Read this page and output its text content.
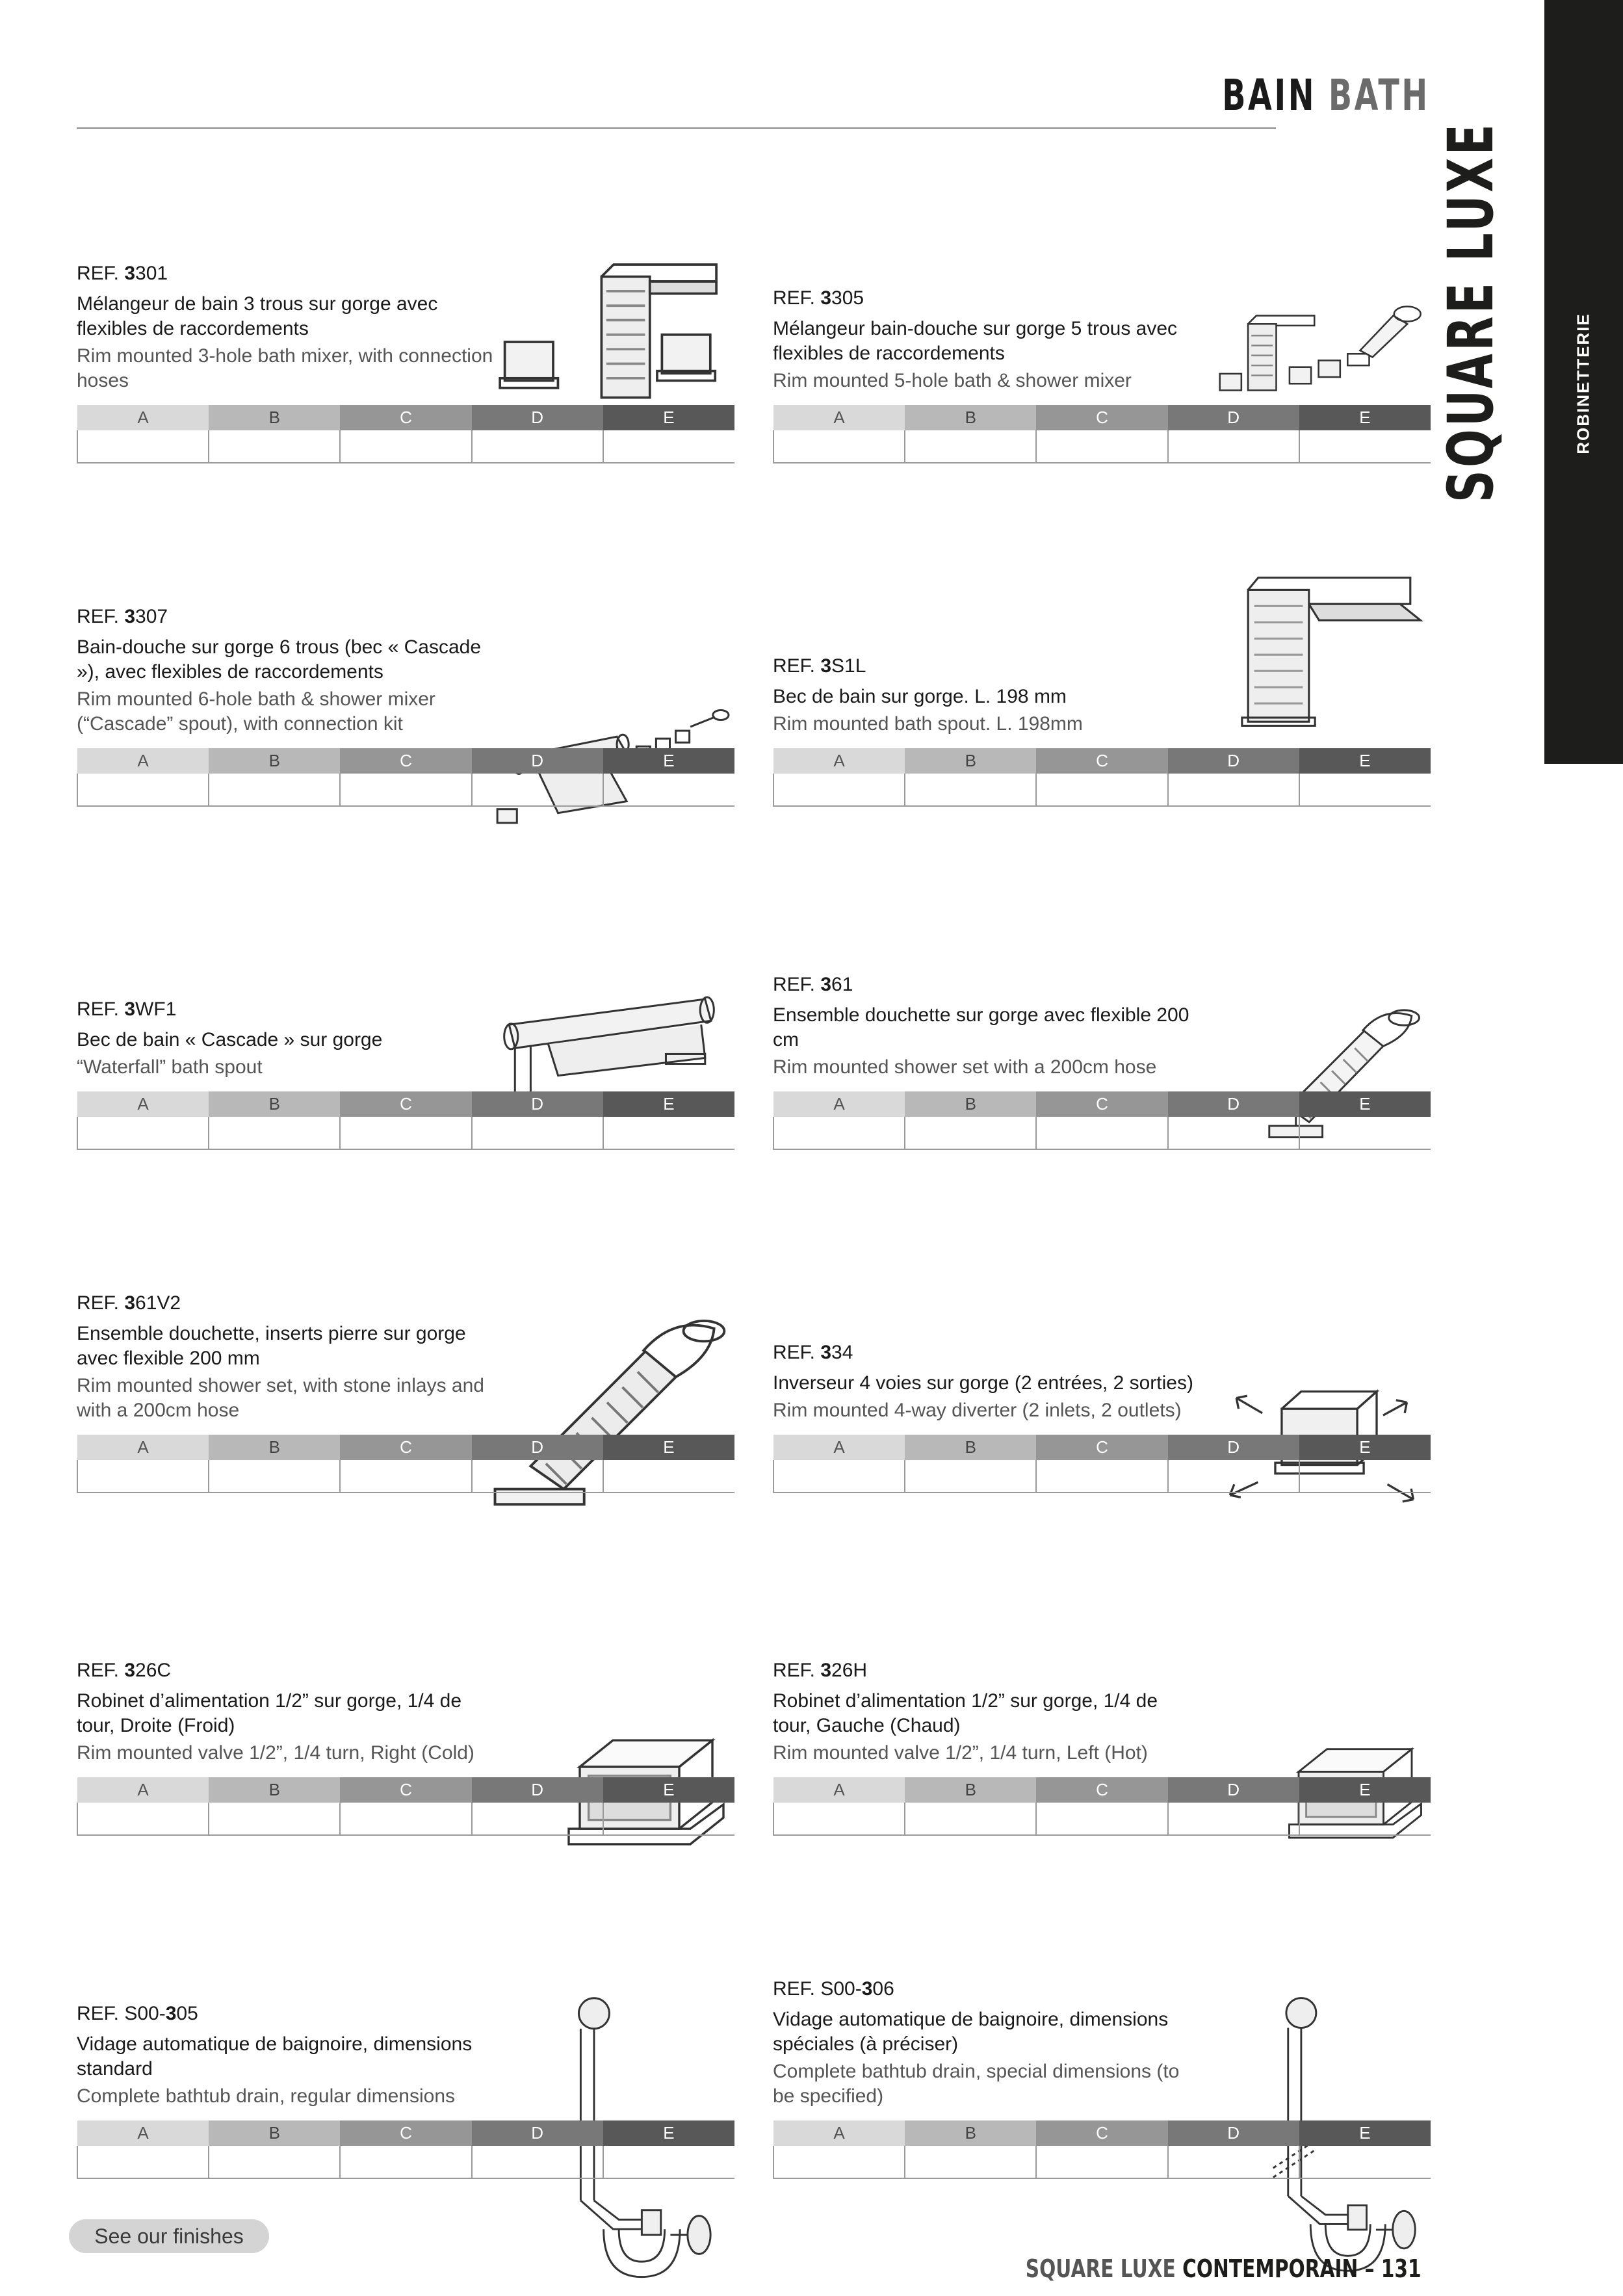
ROBINETTERIE
SQUARE LUXE
BAIN BATH
REF. 3301
Mélangeur de bain 3 trous sur gorge avec flexibles de raccordements
Rim mounted 3-hole bath mixer, with connection hoses
A	B	C	D	E

REF. 3305
Mélangeur bain-douche sur gorge 5 trous avec flexibles de raccordements
Rim mounted 5-hole bath & shower mixer
A	B	C	D	E

REF. 3307
Bain-douche sur gorge 6 trous (bec « Cascade »), avec flexibles de raccordements
Rim mounted 6-hole bath & shower mixer (“Cascade” spout), with connection kit
A	B	C	D	E

REF. 3S1L
Bec de bain sur gorge. L. 198 mm
Rim mounted bath spout. L. 198mm
A	B	C	D	E

REF. 3WF1
Bec de bain « Cascade » sur gorge
“Waterfall” bath spout
A	B	C	D	E

REF. 361
Ensemble douchette sur gorge avec flexible 200 cm
Rim mounted shower set with a 200cm hose
A	B	C	D	E

REF. 361V2
Ensemble douchette, inserts pierre sur gorge avec flexible 200 mm
Rim mounted shower set, with stone inlays and with a 200cm hose
A	B	C	D	E

REF. 334
Inverseur 4 voies sur gorge (2 entrées, 2 sorties)
Rim mounted 4-way diverter (2 inlets, 2 outlets)
A	B	C	D	E

REF. 326C
Robinet d’alimentation 1/2” sur gorge, 1/4 de tour, Droite (Froid)
Rim mounted valve 1/2”, 1/4 turn, Right (Cold)
A	B	C	D	E

REF. 326H
Robinet d’alimentation 1/2” sur gorge, 1/4 de tour, Gauche (Chaud)
Rim mounted valve 1/2”, 1/4 turn, Left (Hot)
A	B	C	D	E

REF. S00-305
Vidage automatique de baignoire, dimensions standard
Complete bathtub drain, regular dimensions
A	B	C	D	E

REF. S00-306
Vidage automatique de baignoire, dimensions spéciales (à préciser)
Complete bathtub drain, special dimensions (to be specified)
A	B	C	D	E

See our finishes
SQUARE LUXE CONTEMPORAIN – 131
